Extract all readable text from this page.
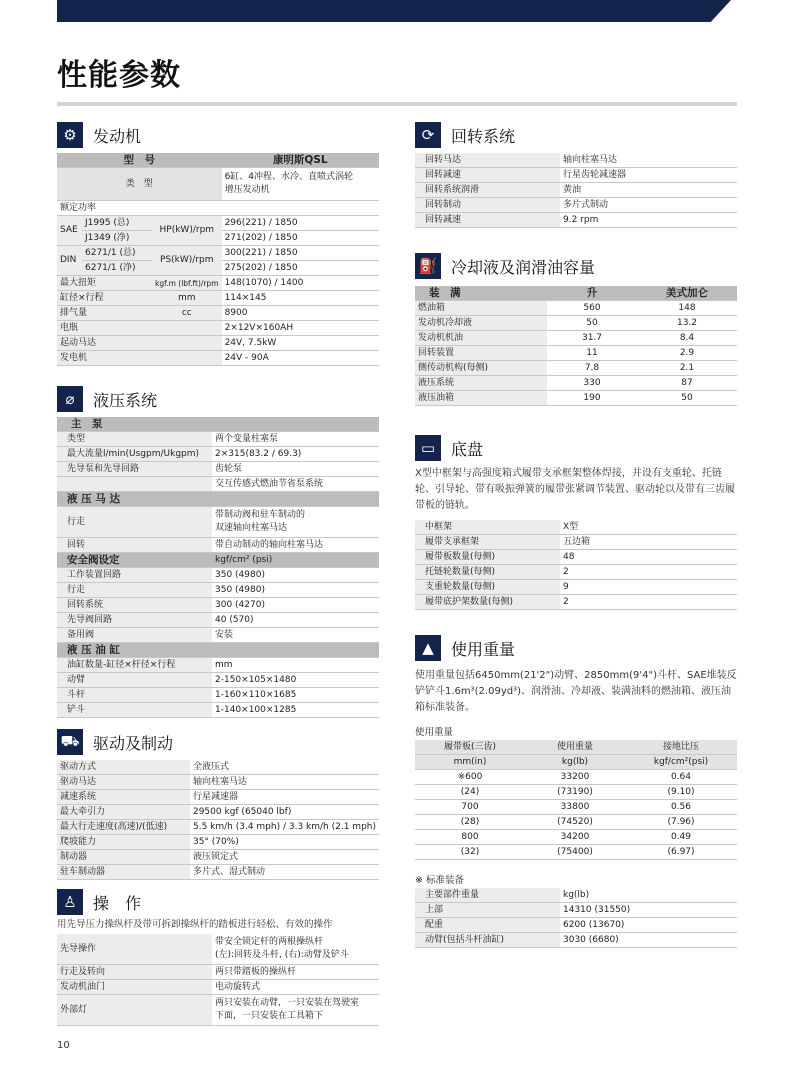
性能参数
⚙	发动机
型　号			康明斯QSL
类　型			6缸、4冲程、水冷、直喷式涡轮
增压发动机

额定功率			
SAE	J1995 (总)	HP(kW)/rpm	296(221) / 1850
	J1349 (净)		271(202) / 1850
DIN	6271/1 (总)	PS(kW)/rpm	300(221) / 1850
	6271/1 (净)		275(202) / 1850
最大扭矩		kgf.m (lbf.ft)/rpm	148(1070) / 1400
缸径×行程		mm	114×145
排气量		cc	8900
电瓶			2×12V×160AH
起动马达			24V, 7.5kW
发电机			24V - 90A
⌀	液压系统
主　泵	
类型	两个变量柱塞泵
最大流量l/min(Usgpm/Ukgpm)	2×315(83.2 / 69.3)
先导泵和先导回路	齿轮泵
	交互传感式燃油节省泵系统
液 压 马 达	
行走	带制动阀和驻车制动的
双速轴向柱塞马达

回转	带自动制动的轴向柱塞马达
安全阀设定	kgf/cm² (psi)
工作装置回路	350 (4980)
行走	350 (4980)
回转系统	300 (4270)
先导阀回路	40 (570)
备用阀	安装
液 压 油 缸	
油缸数量-缸径×杆径×行程	mm
动臂	2-150×105×1480
斗杆	1-160×110×1685
铲斗	1-140×100×1285
⛟ 驱动及制动
驱动方式	全液压式
驱动马达	轴向柱塞马达
减速系统	行星减速器
最大牵引力	29500 kgf (65040 lbf)
最大行走速度(高速)/(低速)	5.5 km/h (3.4 mph) / 3.3 km/h (2.1 mph)
爬坡能力	35° (70%)
制动器	液压锁定式
驻车制动器	多片式、湿式制动
♙	操　作
用先导压力操纵杆及带可拆卸操纵杆的踏板进行轻松、有效的操作
先导操作	带安全锁定杆的两根操纵杆
(左):回转及斗杆, (右):动臂及铲斗

行走及转向	两只带踏板的操纵杆
发动机油门	电动旋转式
外部灯	两只安装在动臂，一只安装在驾驶室
下面，一只安装在工具箱下
⟳	回转系统
回转马达	轴向柱塞马达
回转减速	行星齿轮减速器
回转系统润滑	黄油
回转制动	多片式制动
回转减速	9.2 rpm
⛽ 冷却液及润滑油容量
装　满	升	美式加仑
燃油箱	560	148
发动机冷却液	50	13.2
发动机机油	31.7	8.4
回转装置	11	2.9
侧传动机构(每侧)	7.8	2.1
液压系统	330	87
液压油箱	190	50
▭ 底盘
X型中框架与高强度箱式履带支承框架整体焊接，并设有支重轮、托链轮、引导轮、带有吸振弹簧的履带张紧调节装置、驱动轮以及带有三齿履带板的链轨。
中框架	X型
履带支承框架	五边箱
履带板数量(每侧)	48
托链轮数量(每侧)	2
支重轮数量(每侧)	9
履带底护架数量(每侧)	2
▲	使用重量
使用重量包括6450mm(21'2")动臂、2850mm(9'4")斗杆、SAE堆装反铲铲斗1.6m³(2.09yd³)、润滑油、冷却液、装满油料的燃油箱、液压油箱标准装备。
使用重量
履带板(三齿)	使用重量	接地比压
mm(in)	kg(lb)	kgf/cm²(psi)
※600	33200	0.64
(24)	(73190)	(9.10)
700	33800	0.56
(28)	(74520)	(7.96)
800	34200	0.49
(32)	(75400)	(6.97)
※ 标准装备
主要部件重量	kg(lb)
上部	14310 (31550)
配重	6200 (13670)
动臂(包括斗杆油缸)	3030 (6680)
10
